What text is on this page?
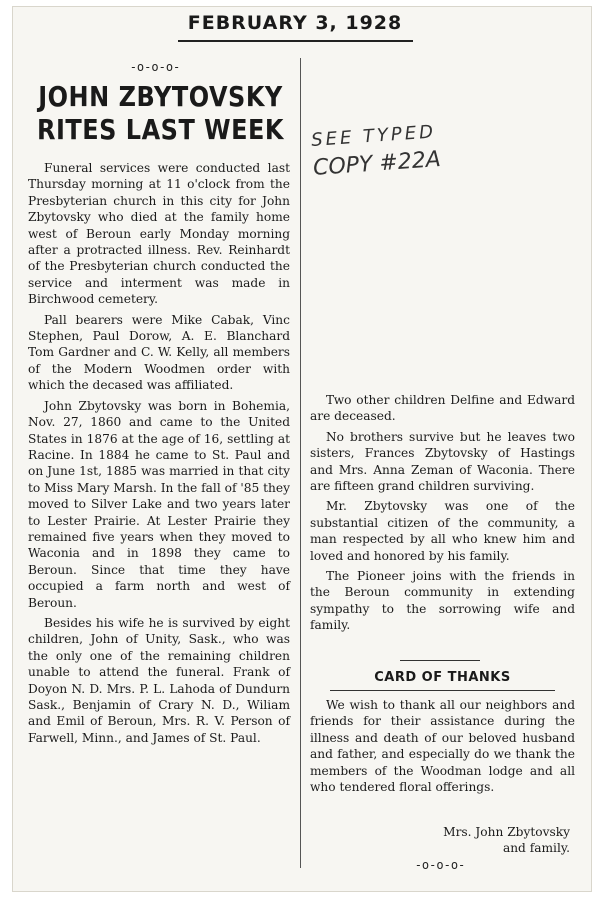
FEBRUARY 3, 1928
-o-o-o-
JOHN ZBYTOVSKY
RITES LAST WEEK	SEE TYPED
COPY #22A

Funeral services were conducted last Thursday morning at 11 o'clock from the Presbyterian church in this city for John Zbytovsky who died at the family home west of Beroun early Monday morning after a protracted illness. Rev. Reinhardt of the Presbyterian church conducted the service and interment was made in Birchwood cemetery.

Pall bearers were Mike Cabak, Vinc Stephen, Paul Dorow, A. E. Blanchard Tom Gardner and C. W. Kelly, all members of the Modern Woodmen order with which the decased was affiliated.

John Zbytovsky was born in Bohemia, Nov. 27, 1860 and came to the United States in 1876 at the age of 16, settling at Racine. In 1884 he came to St. Paul and on June 1st, 1885 was married in that city to Miss Mary Marsh. In the fall of '85 they moved to Silver Lake and two years later to Lester Prairie. At Lester Prairie they remained five years when they moved to Waconia and in 1898 they came to Beroun. Since that time they have occupied a farm north and west of Beroun.

Besides his wife he is survived by eight children, John of Unity, Sask., who was the only one of the remaining children unable to attend the funeral. Frank of Doyon N. D. Mrs. P. L. Lahoda of Dundurn Sask., Benjamin of Crary N. D., Wiliam and Emil of Beroun, Mrs. R. V. Person of Farwell, Minn., and James of St. Paul.

Two other children Delfine and Edward are deceased.

No brothers survive but he leaves two sisters, Frances Zbytovsky of Hastings and Mrs. Anna Zeman of Waconia. There are fifteen grand children surviving.

Mr. Zbytovsky was one of the substantial citizen of the community, a man respected by all who knew him and loved and honored by his family.

The Pioneer joins with the friends in the Beroun community in extending sympathy to the sorrowing wife and family.

CARD OF THANKS

We wish to thank all our neighbors and friends for their assistance during the illness and death of our beloved husband and father, and especially do we thank the members of the Woodman lodge and all who tendered floral offerings.

Mrs. John Zbytovsky
and family.
-o-o-o-
